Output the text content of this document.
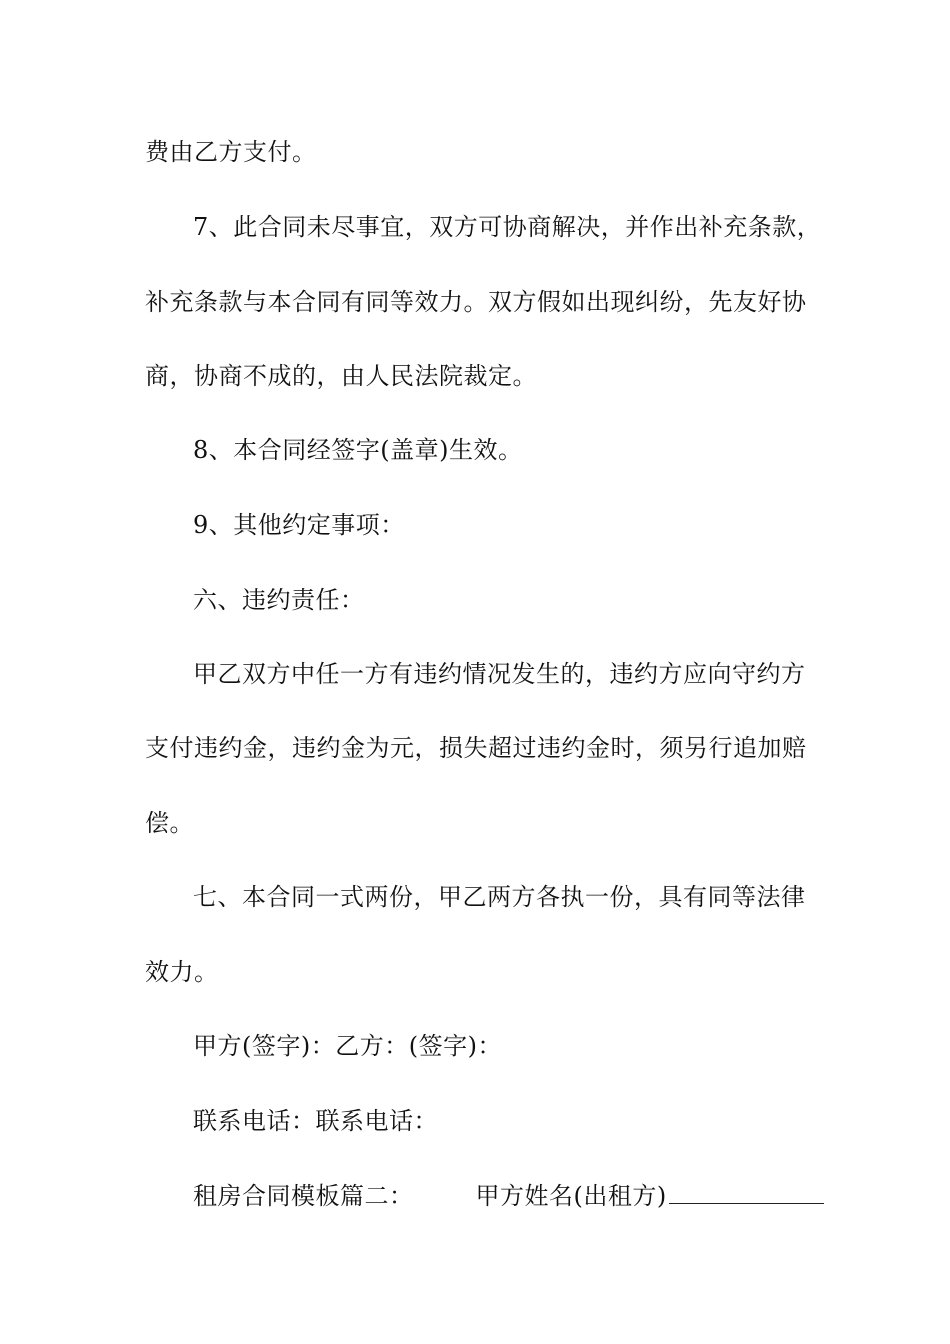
费由乙方支付。
7、此合同未尽事宜，双方可协商解决，并作出补充条款，
补充条款与本合同有同等效力。双方假如出现纠纷，先友好协
商，协商不成的，由人民法院裁定。
8、本合同经签字(盖章)生效。
9、其他约定事项：
六、违约责任：
甲乙双方中任一方有违约情况发生的，违约方应向守约方
支付违约金，违约金为元，损失超过违约金时，须另行追加赔
偿。
七、本合同一式两份，甲乙两方各执一份，具有同等法律
效力。
甲方(签字)：乙方：(签字)：
联系电话：联系电话：
租房合同模板篇二：	甲方姓名(出租方)
